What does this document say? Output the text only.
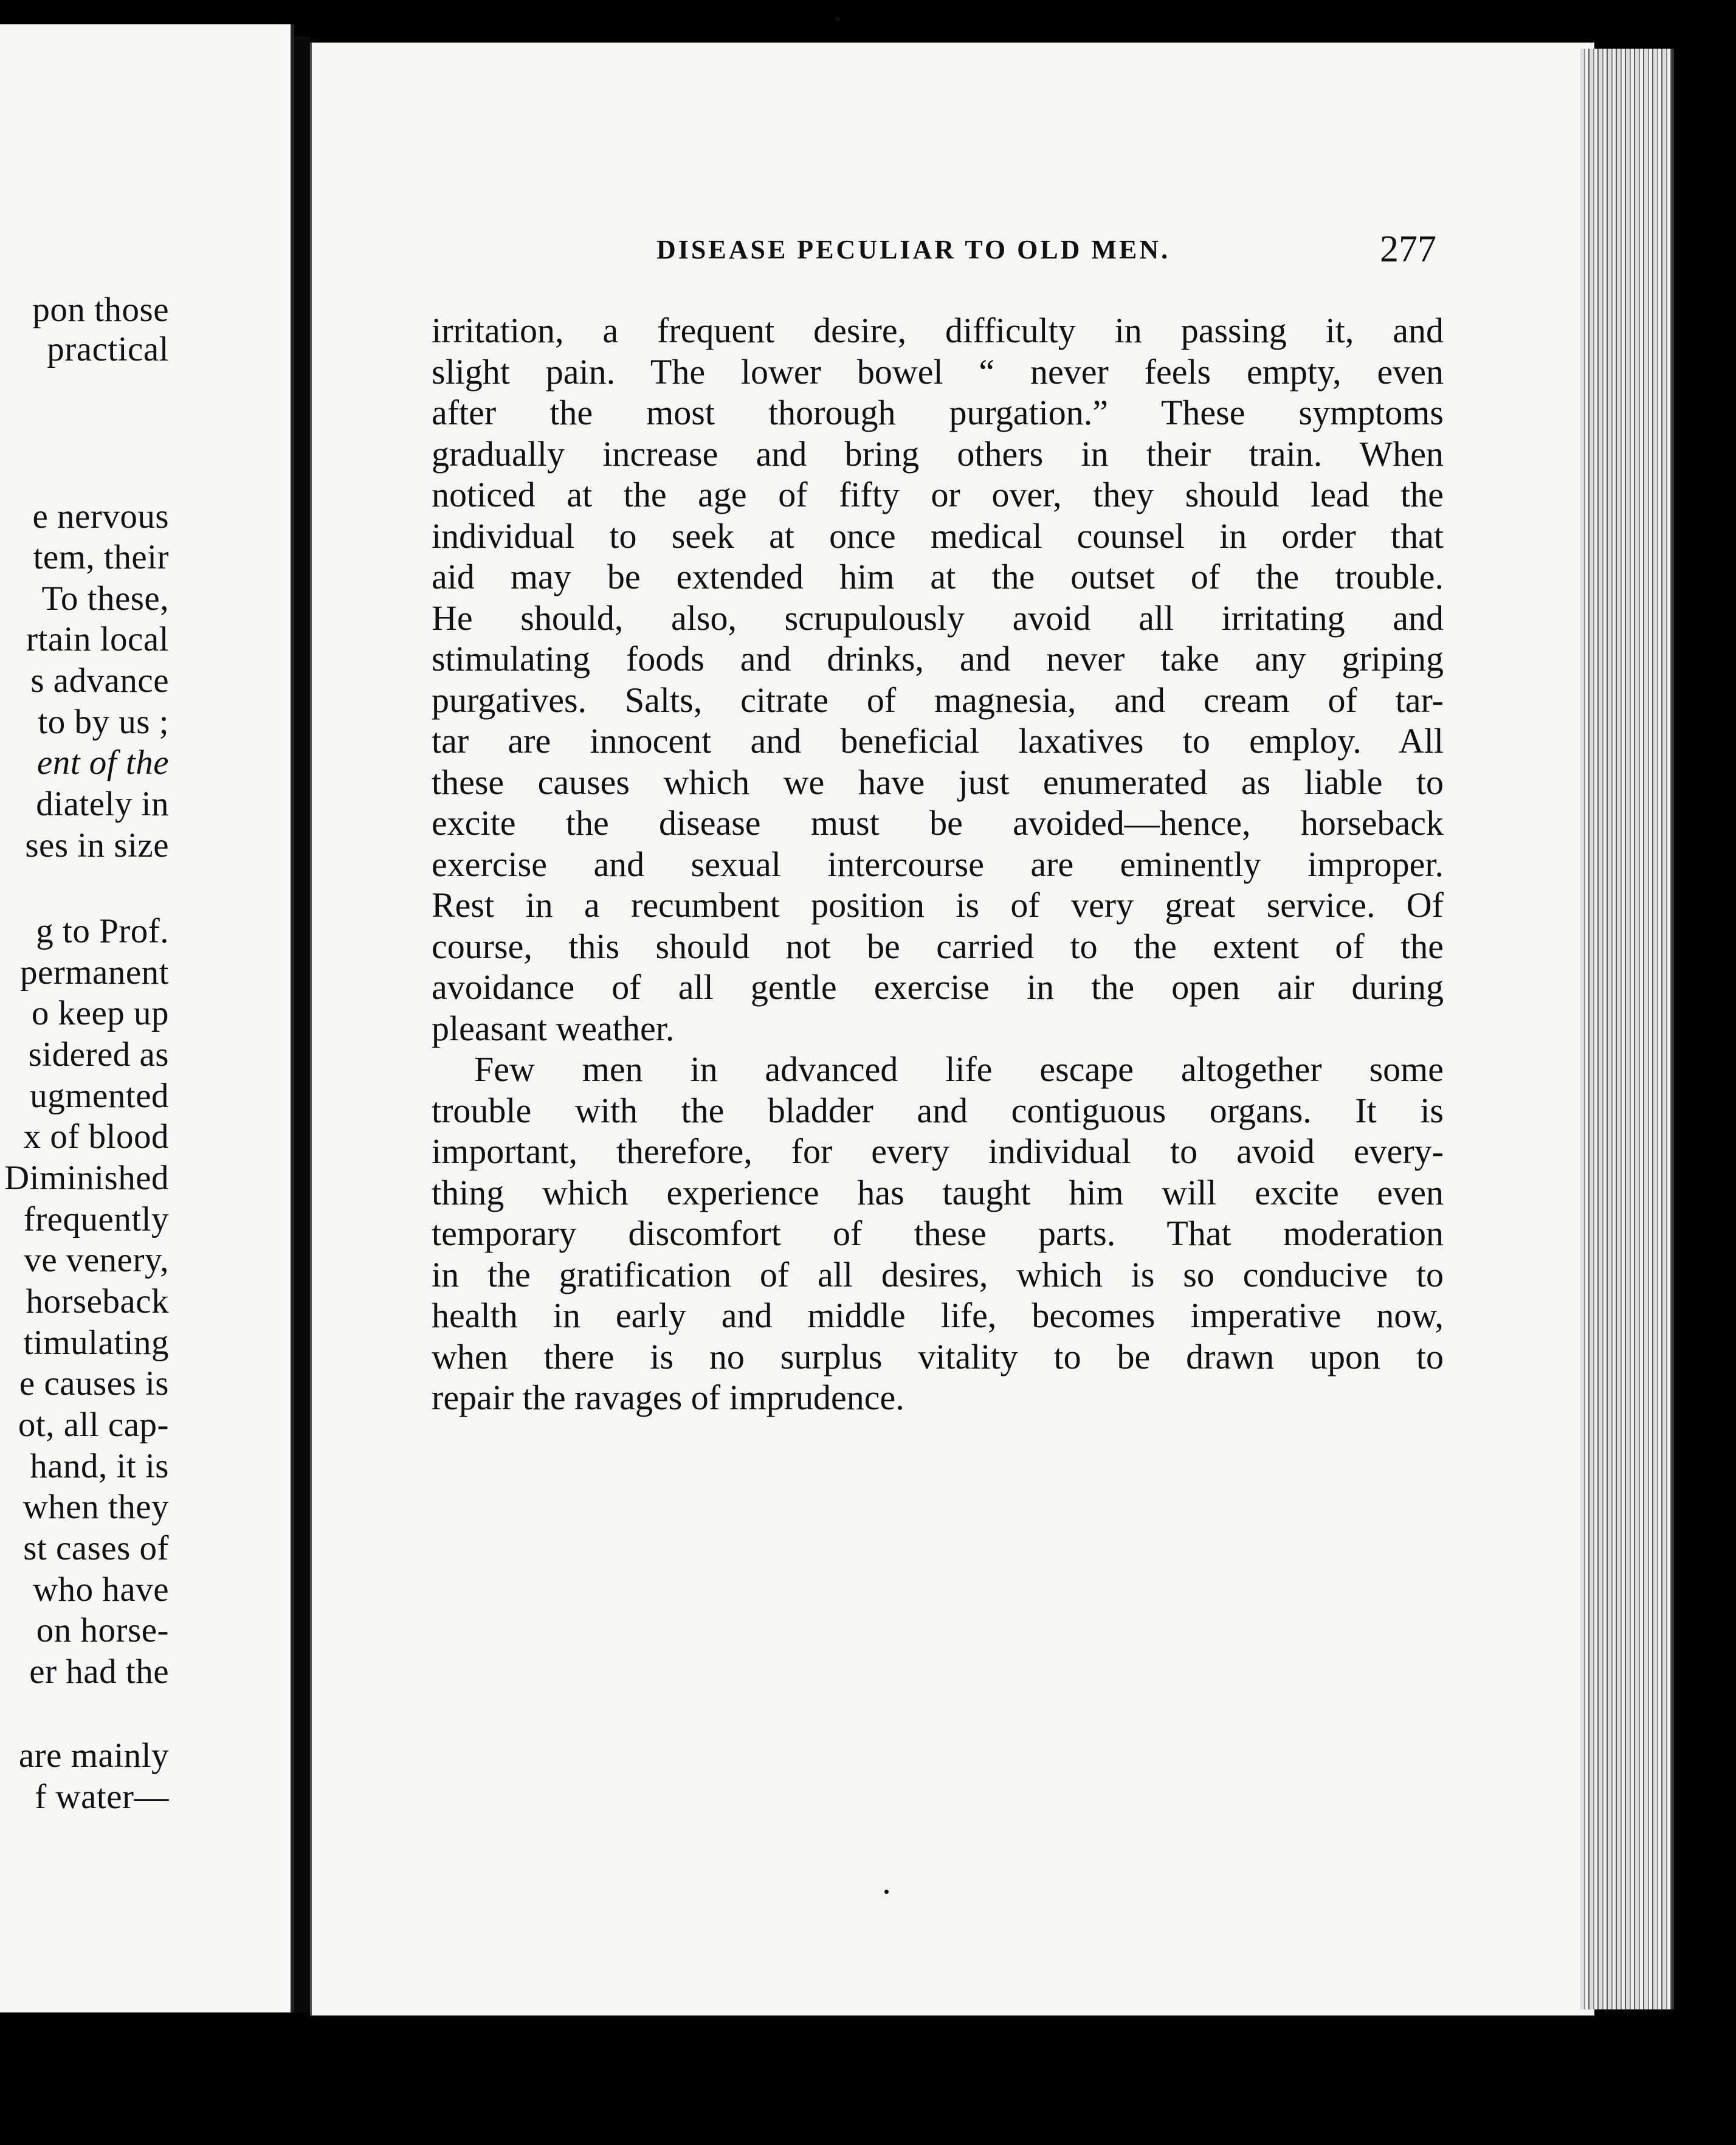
pon those
practical
e nervous
tem, their
To these,
rtain local
s advance
to by us ;
ent of the
diately in
ses in size
g to Prof.
permanent
o keep up
sidered as
ugmented
x of blood
Diminished
frequently
ve venery,
horseback
timulating
e causes is
ot, all cap-
hand, it is
when they
st cases of
who have
on horse-
er had the
are mainly
f water—
DISEASE PECULIAR TO OLD MEN.	277
irritation, a frequent desire, difficulty in passing it, and
slight pain. The lower bowel “ never feels empty, even
after the most thorough purgation.” These symptoms
gradually increase and bring others in their train. When
noticed at the age of fifty or over, they should lead the
individual to seek at once medical counsel in order that
aid may be extended him at the outset of the trouble.
He should, also, scrupulously avoid all irritating and
stimulating foods and drinks, and never take any griping
purgatives. Salts, citrate of magnesia, and cream of tar-
tar are innocent and beneficial laxatives to employ. All
these causes which we have just enumerated as liable to
excite the disease must be avoided—hence, horseback
exercise and sexual intercourse are eminently improper.
Rest in a recumbent position is of very great service. Of
course, this should not be carried to the extent of the
avoidance of all gentle exercise in the open air during
pleasant weather.
Few men in advanced life escape altogether some
trouble with the bladder and contiguous organs. It is
important, therefore, for every individual to avoid every-
thing which experience has taught him will excite even
temporary discomfort of these parts. That moderation
in the gratification of all desires, which is so conducive to
health in early and middle life, becomes imperative now,
when there is no surplus vitality to be drawn upon to
repair the ravages of imprudence.
